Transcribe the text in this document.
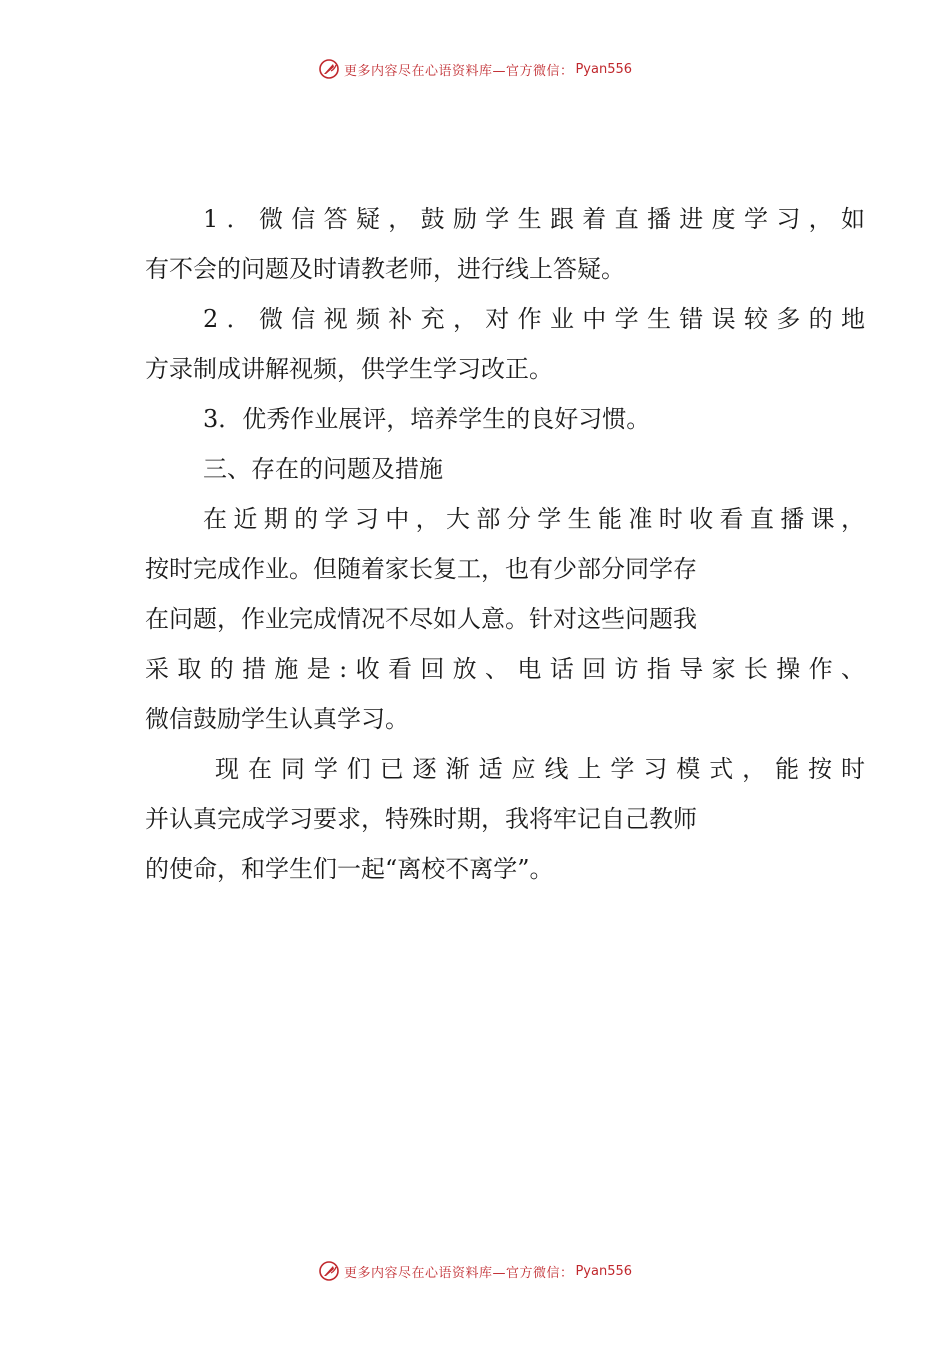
更多内容尽在心语资料库—官方微信： Pyan556
1．微信答疑，鼓励学生跟着直播进度学习，如
有不会的问题及时请教老师，进行线上答疑。
2．微信视频补充，对作业中学生错误较多的地
方录制成讲解视频，供学生学习改正。
3．优秀作业展评，培养学生的良好习惯。
三、存在的问题及措施
在近期的学习中，大部分学生能准时收看直播课，
按时完成作业。但随着家长复工，也有少部分同学存
在问题，作业完成情况不尽如人意。针对这些问题我
采取的措施是:收看回放、电话回访指导家长操作、
微信鼓励学生认真学习。
现在同学们已逐渐适应线上学习模式，能按时
并认真完成学习要求，特殊时期，我将牢记自己教师
的使命，和学生们一起“离校不离学”。
更多内容尽在心语资料库—官方微信： Pyan556
